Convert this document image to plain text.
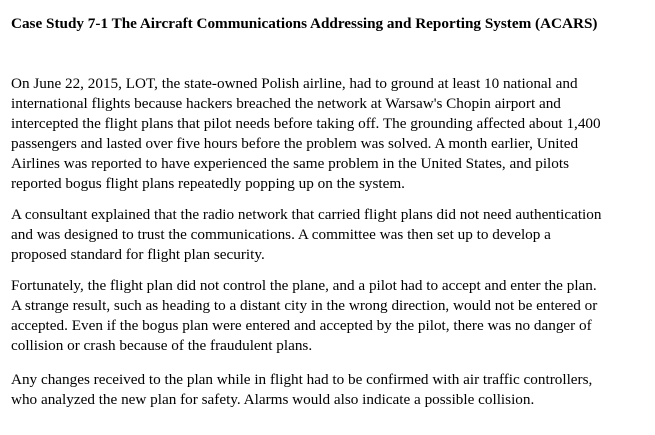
Case Study 7-1 The Aircraft Communications Addressing and Reporting System (ACARS)
On June 22, 2015, LOT, the state-owned Polish airline, had to ground at least 10 national and
international flights because hackers breached the network at Warsaw's Chopin airport and
intercepted the flight plans that pilot needs before taking off. The grounding affected about 1,400
passengers and lasted over five hours before the problem was solved. A month earlier, United
Airlines was reported to have experienced the same problem in the United States, and pilots
reported bogus flight plans repeatedly popping up on the system.
A consultant explained that the radio network that carried flight plans did not need authentication
and was designed to trust the communications. A committee was then set up to develop a
proposed standard for flight plan security.
Fortunately, the flight plan did not control the plane, and a pilot had to accept and enter the plan.
A strange result, such as heading to a distant city in the wrong direction, would not be entered or
accepted. Even if the bogus plan were entered and accepted by the pilot, there was no danger of
collision or crash because of the fraudulent plans.
Any changes received to the plan while in flight had to be confirmed with air traffic controllers,
who analyzed the new plan for safety. Alarms would also indicate a possible collision.
